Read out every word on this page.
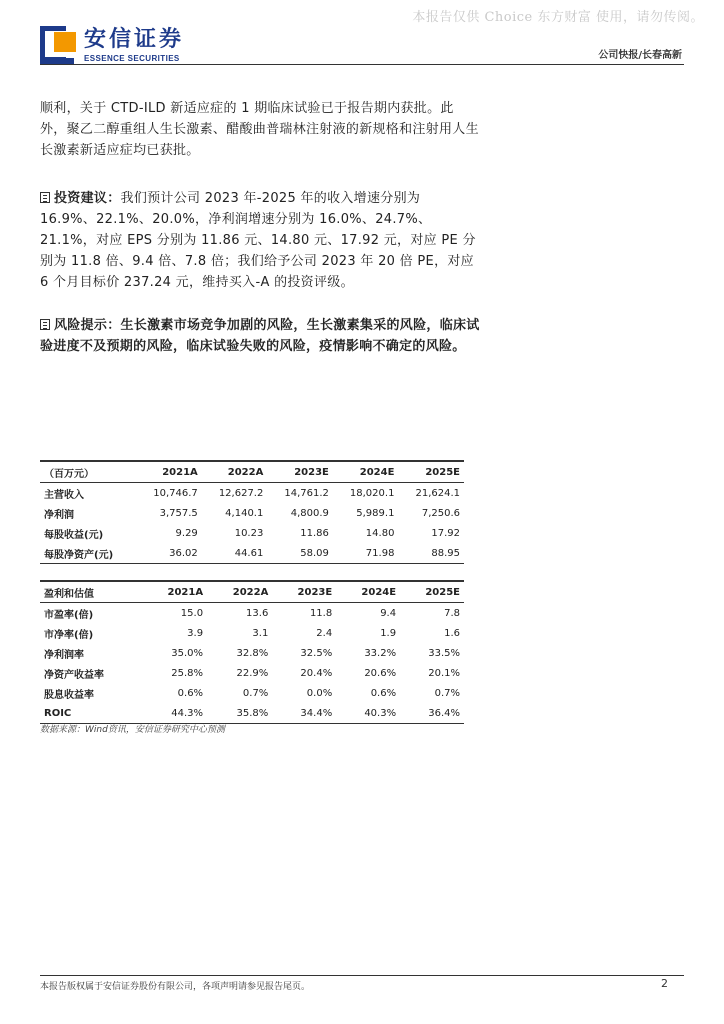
本报告仅供 Choice 东方财富 使用，请勿传阅。
安信证券
ESSENCE SECURITIES	公司快报/长春高新
顺利，关于 CTD-ILD 新适应症的 1 期临床试验已于报告期内获批。此外，聚乙二醇重组人生长激素、醋酸曲普瑞林注射液的新规格和注射用人生长激素新适应症均已获批。
投资建议：我们预计公司 2023 年-2025 年的收入增速分别为 16.9%、22.1%、20.0%，净利润增速分别为 16.0%、24.7%、21.1%，对应 EPS 分别为 11.86 元、14.80 元、17.92 元，对应 PE 分别为 11.8 倍、9.4 倍、7.8 倍；我们给予公司 2023 年 20 倍 PE，对应 6 个月目标价 237.24 元，维持买入-A 的投资评级。
风险提示：生长激素市场竞争加剧的风险，生长激素集采的风险，临床试验进度不及预期的风险，临床试验失败的风险，疫情影响不确定的风险。
（百万元）	2021A	2022A	2023E	2024E	2025E
主营收入	10,746.7	12,627.2	14,761.2	18,020.1	21,624.1
净利润	3,757.5	4,140.1	4,800.9	5,989.1	7,250.6
每股收益(元)	9.29	10.23	11.86	14.80	17.92
每股净资产(元)	36.02	44.61	58.09	71.98	88.95
盈利和估值	2021A	2022A	2023E	2024E	2025E
市盈率(倍)	15.0	13.6	11.8	9.4	7.8
市净率(倍)	3.9	3.1	2.4	1.9	1.6
净利润率	35.0%	32.8%	32.5%	33.2%	33.5%
净资产收益率	25.8%	22.9%	20.4%	20.6%	20.1%
股息收益率	0.6%	0.7%	0.0%	0.6%	0.7%
ROIC	44.3%	35.8%	34.4%	40.3%	36.4%
数据来源：Wind资讯，安信证券研究中心预测
本报告版权属于安信证券股份有限公司，各项声明请参见报告尾页。	2
